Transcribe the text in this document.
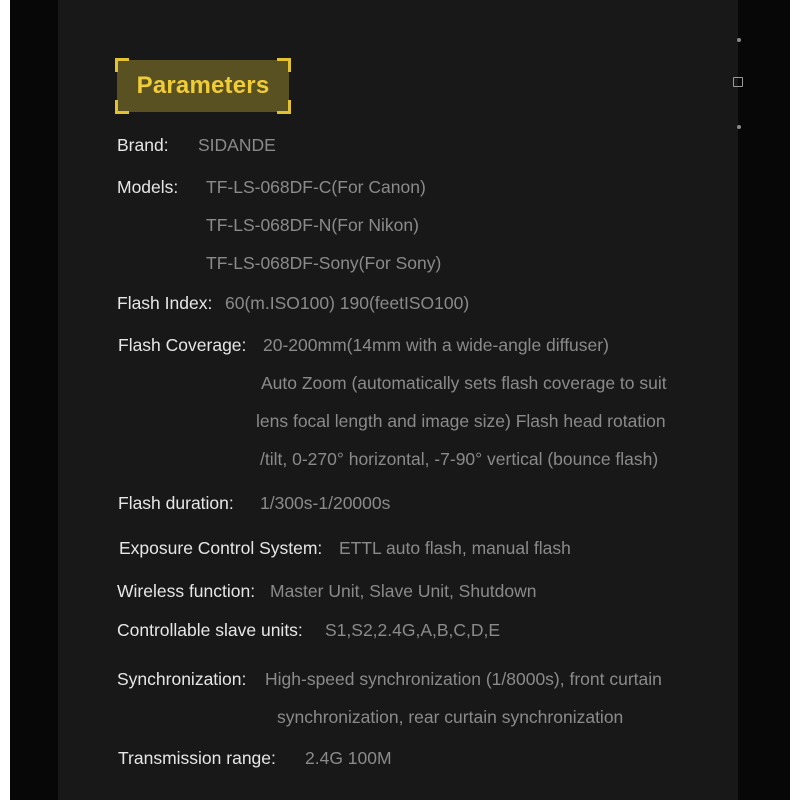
Parameters
Brand: SIDANDE
Models: TF-LS-068DF-C(For Canon)
TF-LS-068DF-N(For Nikon)
TF-LS-068DF-Sony(For Sony)
Flash Index: 60(m.ISO100) 190(feetISO100)
Flash Coverage: 20-200mm(14mm with a wide-angle diffuser)
Auto Zoom (automatically sets flash coverage to suit
lens focal length and image size) Flash head rotation
/tilt, 0-270° horizontal, -7-90° vertical (bounce flash)
Flash duration: 1/300s-1/20000s
Exposure Control System: ETTL auto flash, manual flash
Wireless function: Master Unit, Slave Unit, Shutdown
Controllable slave units: S1,S2,2.4G,A,B,C,D,E
Synchronization: High-speed synchronization (1/8000s), front curtain
synchronization, rear curtain synchronization
Transmission range: 2.4G 100M
